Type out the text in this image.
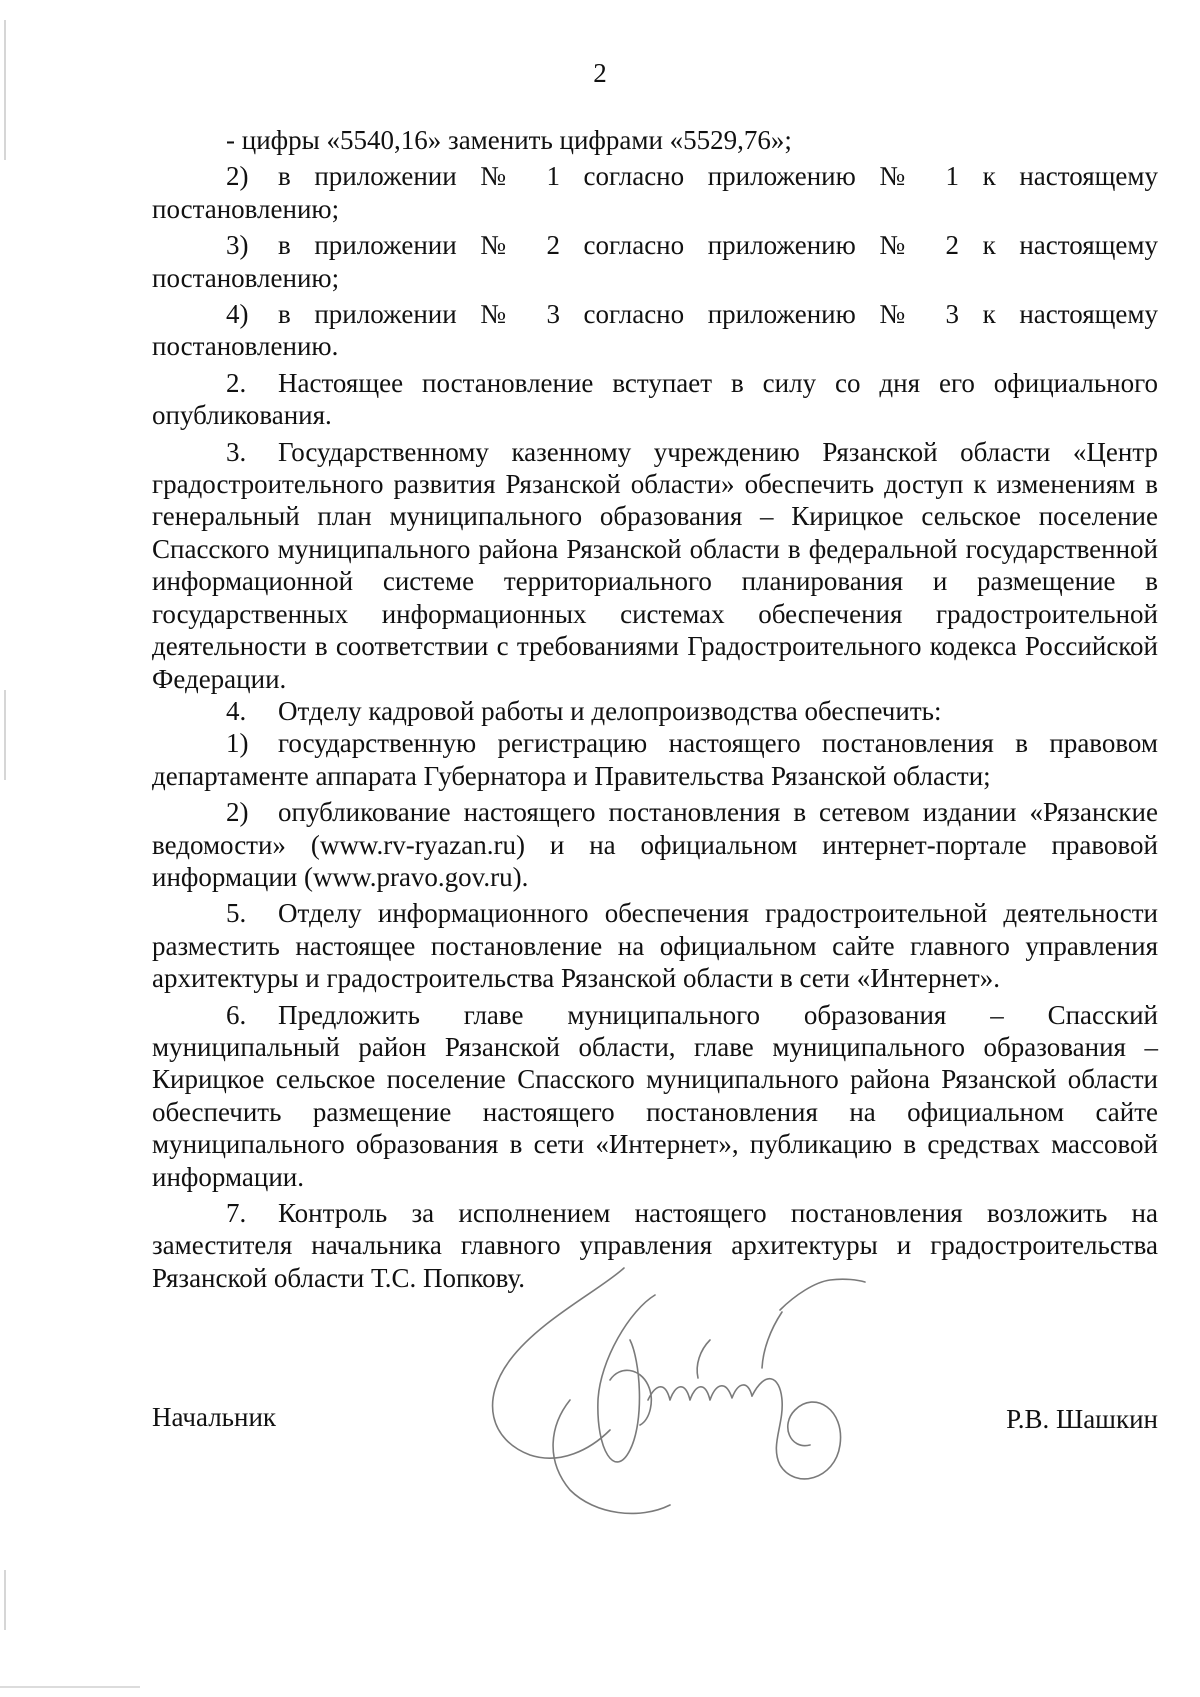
2

- цифры «5540,16» заменить цифрами «5529,76»;

2) в приложении № 1 согласно приложению № 1 к настоящему постановлению;

3) в приложении № 2 согласно приложению № 2 к настоящему постановлению;

4) в приложении № 3 согласно приложению № 3 к настоящему постановлению.

2. Настоящее постановление вступает в силу со дня его официального опубликования.

3. Государственному казенному учреждению Рязанской области «Центр градостроительного развития Рязанской области» обеспечить доступ к изменениям в генеральный план муниципального образования – Кирицкое сельское поселение Спасского муниципального района Рязанской области в федеральной государственной информационной системе территориального планирования и размещение в государственных информационных системах обеспечения градостроительной деятельности в соответствии с требованиями Градостроительного кодекса Российской Федерации.

4. Отделу кадровой работы и делопроизводства обеспечить:

1) государственную регистрацию настоящего постановления в правовом департаменте аппарата Губернатора и Правительства Рязанской области;

2) опубликование настоящего постановления в сетевом издании «Рязанские ведомости» (www.rv-ryazan.ru) и на официальном интернет-портале правовой информации (www.pravo.gov.ru).

5. Отделу информационного обеспечения градостроительной деятельности разместить настоящее постановление на официальном сайте главного управления архитектуры и градостроительства Рязанской области в сети «Интернет».

6. Предложить главе муниципального образования – Спасский муниципальный район Рязанской области, главе муниципального образования – Кирицкое сельское поселение Спасского муниципального района Рязанской области обеспечить размещение настоящего постановления на официальном сайте муниципального образования в сети «Интернет», публикацию в средствах массовой информации.

7. Контроль за исполнением настоящего постановления возложить на заместителя начальника главного управления архитектуры и градостроительства Рязанской области Т.С. Попкову.

Начальник	Р.В. Шашкин
